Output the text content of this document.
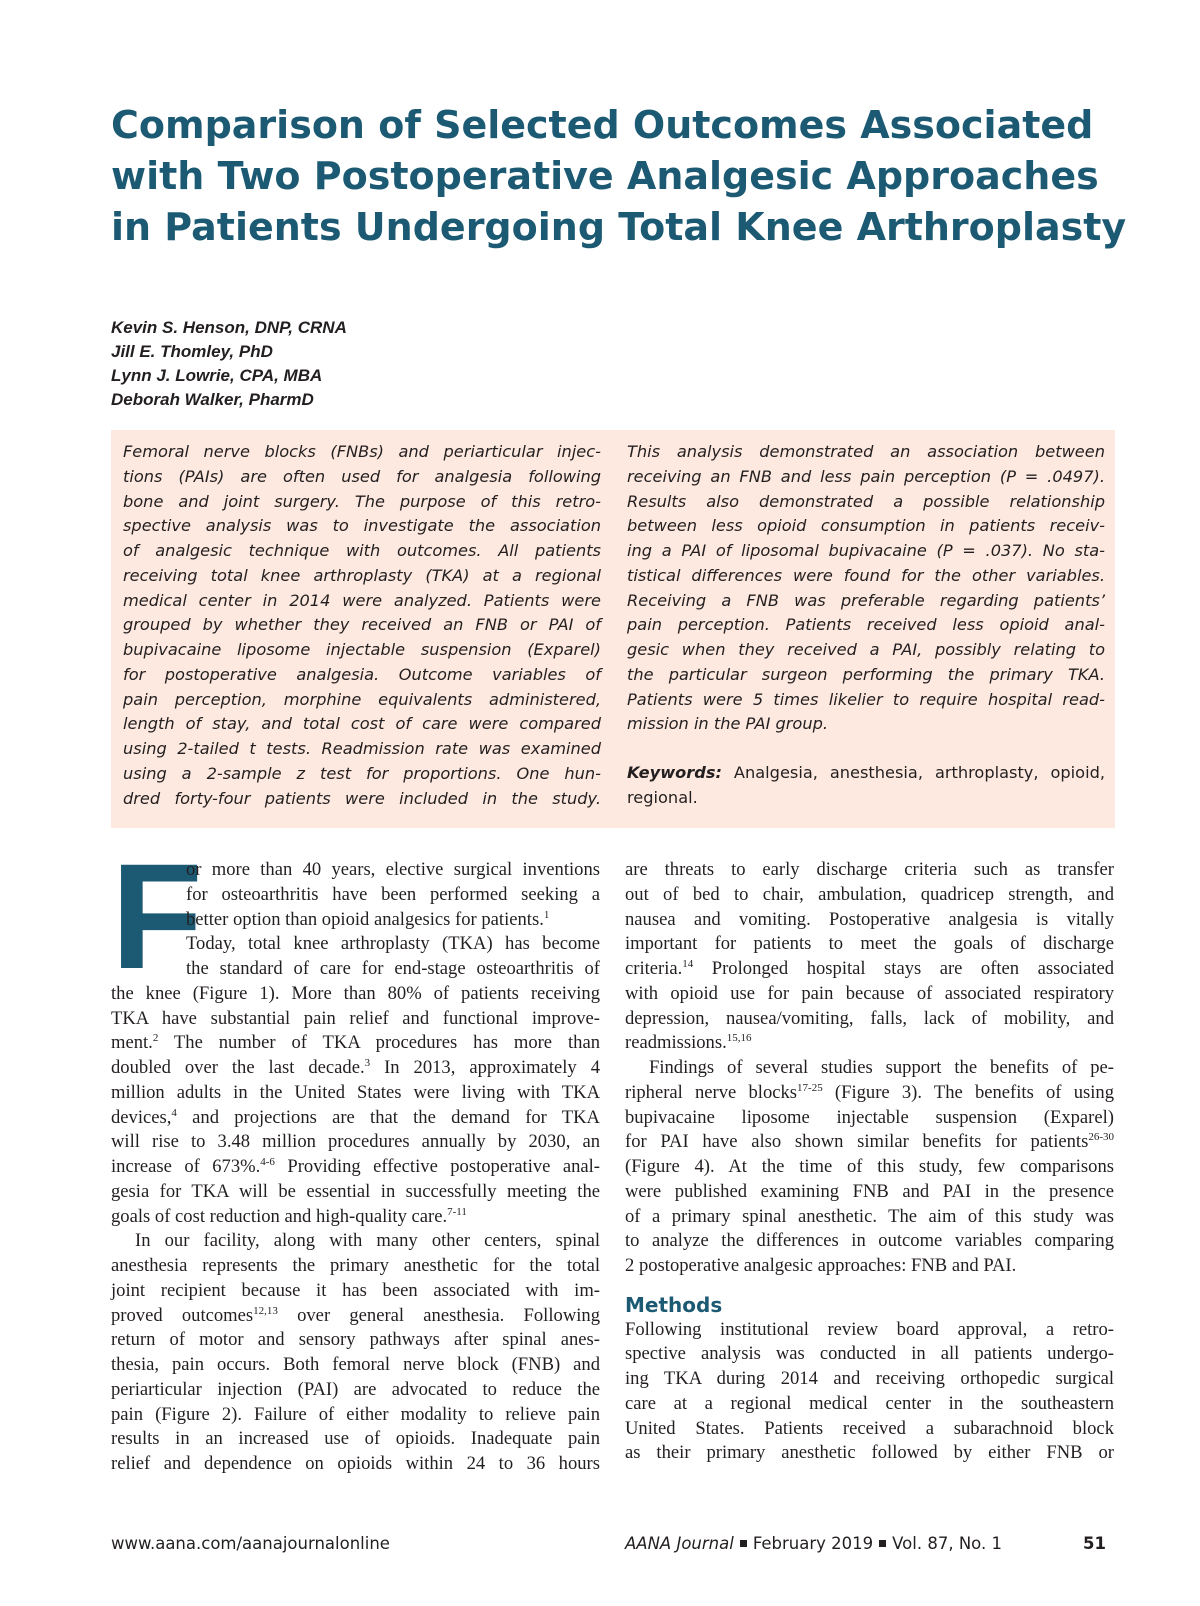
Comparison of Selected Outcomes Associated
with Two Postoperative Analgesic Approaches
in Patients Undergoing Total Knee Arthroplasty
Kevin S. Henson, DNP, CRNA
Jill E. Thomley, PhD
Lynn J. Lowrie, CPA, MBA
Deborah Walker, PharmD
Femoral nerve blocks (FNBs) and periarticular injec-
tions (PAIs) are often used for analgesia following
bone and joint surgery. The purpose of this retro-
spective analysis was to investigate the association
of analgesic technique with outcomes. All patients
receiving total knee arthroplasty (TKA) at a regional
medical center in 2014 were analyzed. Patients were
grouped by whether they received an FNB or PAI of
bupivacaine liposome injectable suspension (Exparel)
for postoperative analgesia. Outcome variables of
pain perception, morphine equivalents administered,
length of stay, and total cost of care were compared
using 2-tailed t tests. Readmission rate was examined
using a 2-sample z test for proportions. One hun-
dred forty-four patients were included in the study.
This analysis demonstrated an association between
receiving an FNB and less pain perception (P = .0497).
Results also demonstrated a possible relationship
between less opioid consumption in patients receiv-
ing a PAI of liposomal bupivacaine (P = .037). No sta-
tistical differences were found for the other variables.
Receiving a FNB was preferable regarding patients’
pain perception. Patients received less opioid anal-
gesic when they received a PAI, possibly relating to
the particular surgeon performing the primary TKA.
Patients were 5 times likelier to require hospital read-
mission in the PAI group.
Keywords: Analgesia, anesthesia, arthroplasty, opioid,
regional.
F
or more than 40 years, elective surgical inventions
for osteoarthritis have been performed seeking a
better option than opioid analgesics for patients.$^1$
Today, total knee arthroplasty (TKA) has become
the standard of care for end-stage osteoarthritis of
the knee (Figure 1). More than 80% of patients receiving
TKA have substantial pain relief and functional improve-
ment.$^2$ The number of TKA procedures has more than
doubled over the last decade.$^3$ In 2013, approximately 4
million adults in the United States were living with TKA
devices,$^4$ and projections are that the demand for TKA
will rise to 3.48 million procedures annually by 2030, an
increase of 673%.$^{4-6}$ Providing effective postoperative anal-
gesia for TKA will be essential in successfully meeting the
goals of cost reduction and high-quality care.$^{7-11}$
In our facility, along with many other centers, spinal
anesthesia represents the primary anesthetic for the total
joint recipient because it has been associated with im-
proved outcomes$^{12,13}$ over general anesthesia. Following
return of motor and sensory pathways after spinal anes-
thesia, pain occurs. Both femoral nerve block (FNB) and
periarticular injection (PAI) are advocated to reduce the
pain (Figure 2). Failure of either modality to relieve pain
results in an increased use of opioids. Inadequate pain
relief and dependence on opioids within 24 to 36 hours
are threats to early discharge criteria such as transfer
out of bed to chair, ambulation, quadricep strength, and
nausea and vomiting. Postoperative analgesia is vitally
important for patients to meet the goals of discharge
criteria.$^{14}$ Prolonged hospital stays are often associated
with opioid use for pain because of associated respiratory
depression, nausea/vomiting, falls, lack of mobility, and
readmissions.$^{15,16}$
Findings of several studies support the benefits of pe-
ripheral nerve blocks$^{17-25}$ (Figure 3). The benefits of using
bupivacaine liposome injectable suspension (Exparel)
for PAI have also shown similar benefits for patients$^{26-30}$
(Figure 4). At the time of this study, few comparisons
were published examining FNB and PAI in the presence
of a primary spinal anesthetic. The aim of this study was
to analyze the differences in outcome variables comparing
2 postoperative analgesic approaches: FNB and PAI.
Methods
Following institutional review board approval, a retro-
spective analysis was conducted in all patients undergo-
ing TKA during 2014 and receiving orthopedic surgical
care at a regional medical center in the southeastern
United States. Patients received a subarachnoid block
as their primary anesthetic followed by either FNB or
www.aana.com/aanajournalonline	AANA Journal February 2019 Vol. 87, No. 1	51
